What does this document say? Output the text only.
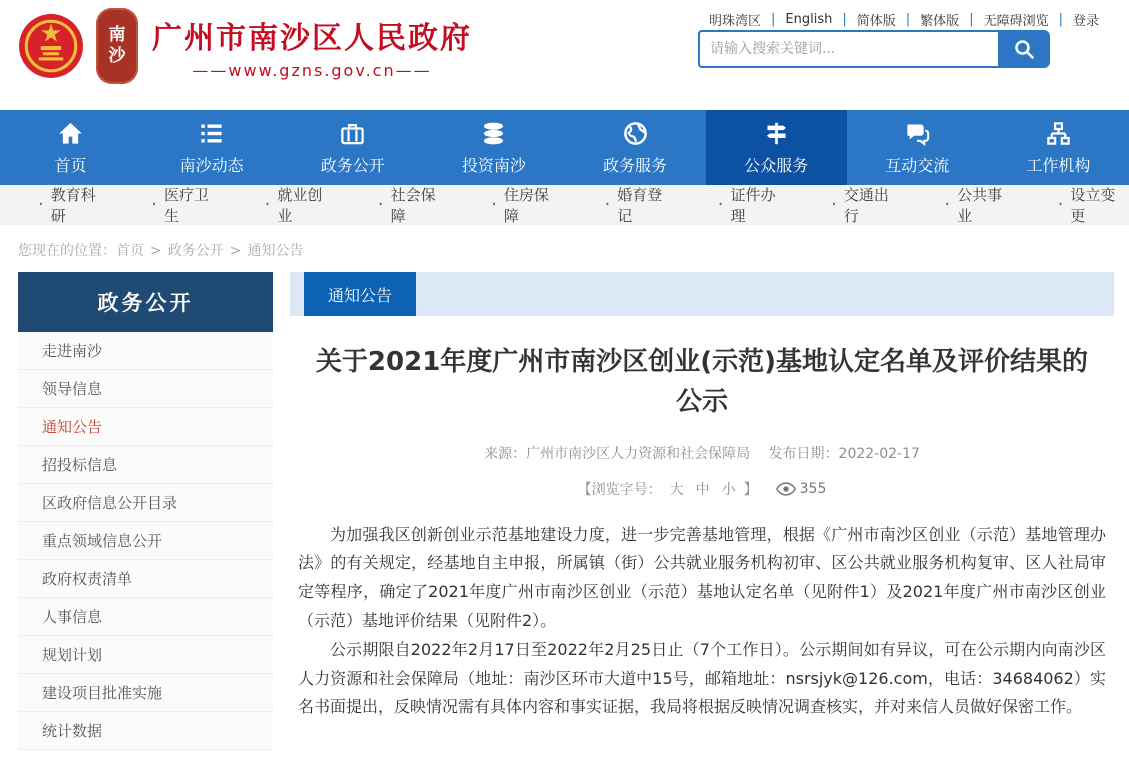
南
沙
广州市南沙区人民政府
——www.gzns.gov.cn——
明珠湾区 | English | 简体版 | 繁体版 | 无障碍浏览 | 登录
请输入搜索关键词...
首页	南沙动态	政务公开	投资南沙	政务服务	公众服务	互动交流	工作机构
· 教育科研
· 医疗卫生
· 就业创业
· 社会保障
· 住房保障
· 婚育登记
· 证件办理
· 交通出行
· 公共事业
· 设立变更
您现在的位置：首页 > 政务公开 > 通知公告
政务公开
走进南沙
领导信息
通知公告
招投标信息
区政府信息公开目录
重点领域信息公开
政府权责清单
人事信息
规划计划
建设项目批准实施
统计数据
通知公告
关于2021年度广州市南沙区创业(示范)基地认定名单及评价结果的公示
来源：广州市南沙区人力资源和社会保障局 发布日期：2022-02-17
【浏览字号： 大 中 小 】	355

为加强我区创新创业示范基地建设力度，进一步完善基地管理，根据《广州市南沙区创业（示范）基地管理办法》的有关规定，经基地自主申报，所属镇（街）公共就业服务机构初审、区公共就业服务机构复审、区人社局审定等程序，确定了2021年度广州市南沙区创业（示范）基地认定名单（见附件1）及2021年度广州市南沙区创业（示范）基地评价结果（见附件2）。

公示期限自2022年2月17日至2022年2月25日止（7个工作日）。公示期间如有异议，可在公示期内向南沙区人力资源和社会保障局（地址：南沙区环市大道中15号，邮箱地址：nsrsjyk@126.com，电话：34684062）实名书面提出，反映情况需有具体内容和事实证据，我局将根据反映情况调查核实，并对来信人员做好保密工作。
